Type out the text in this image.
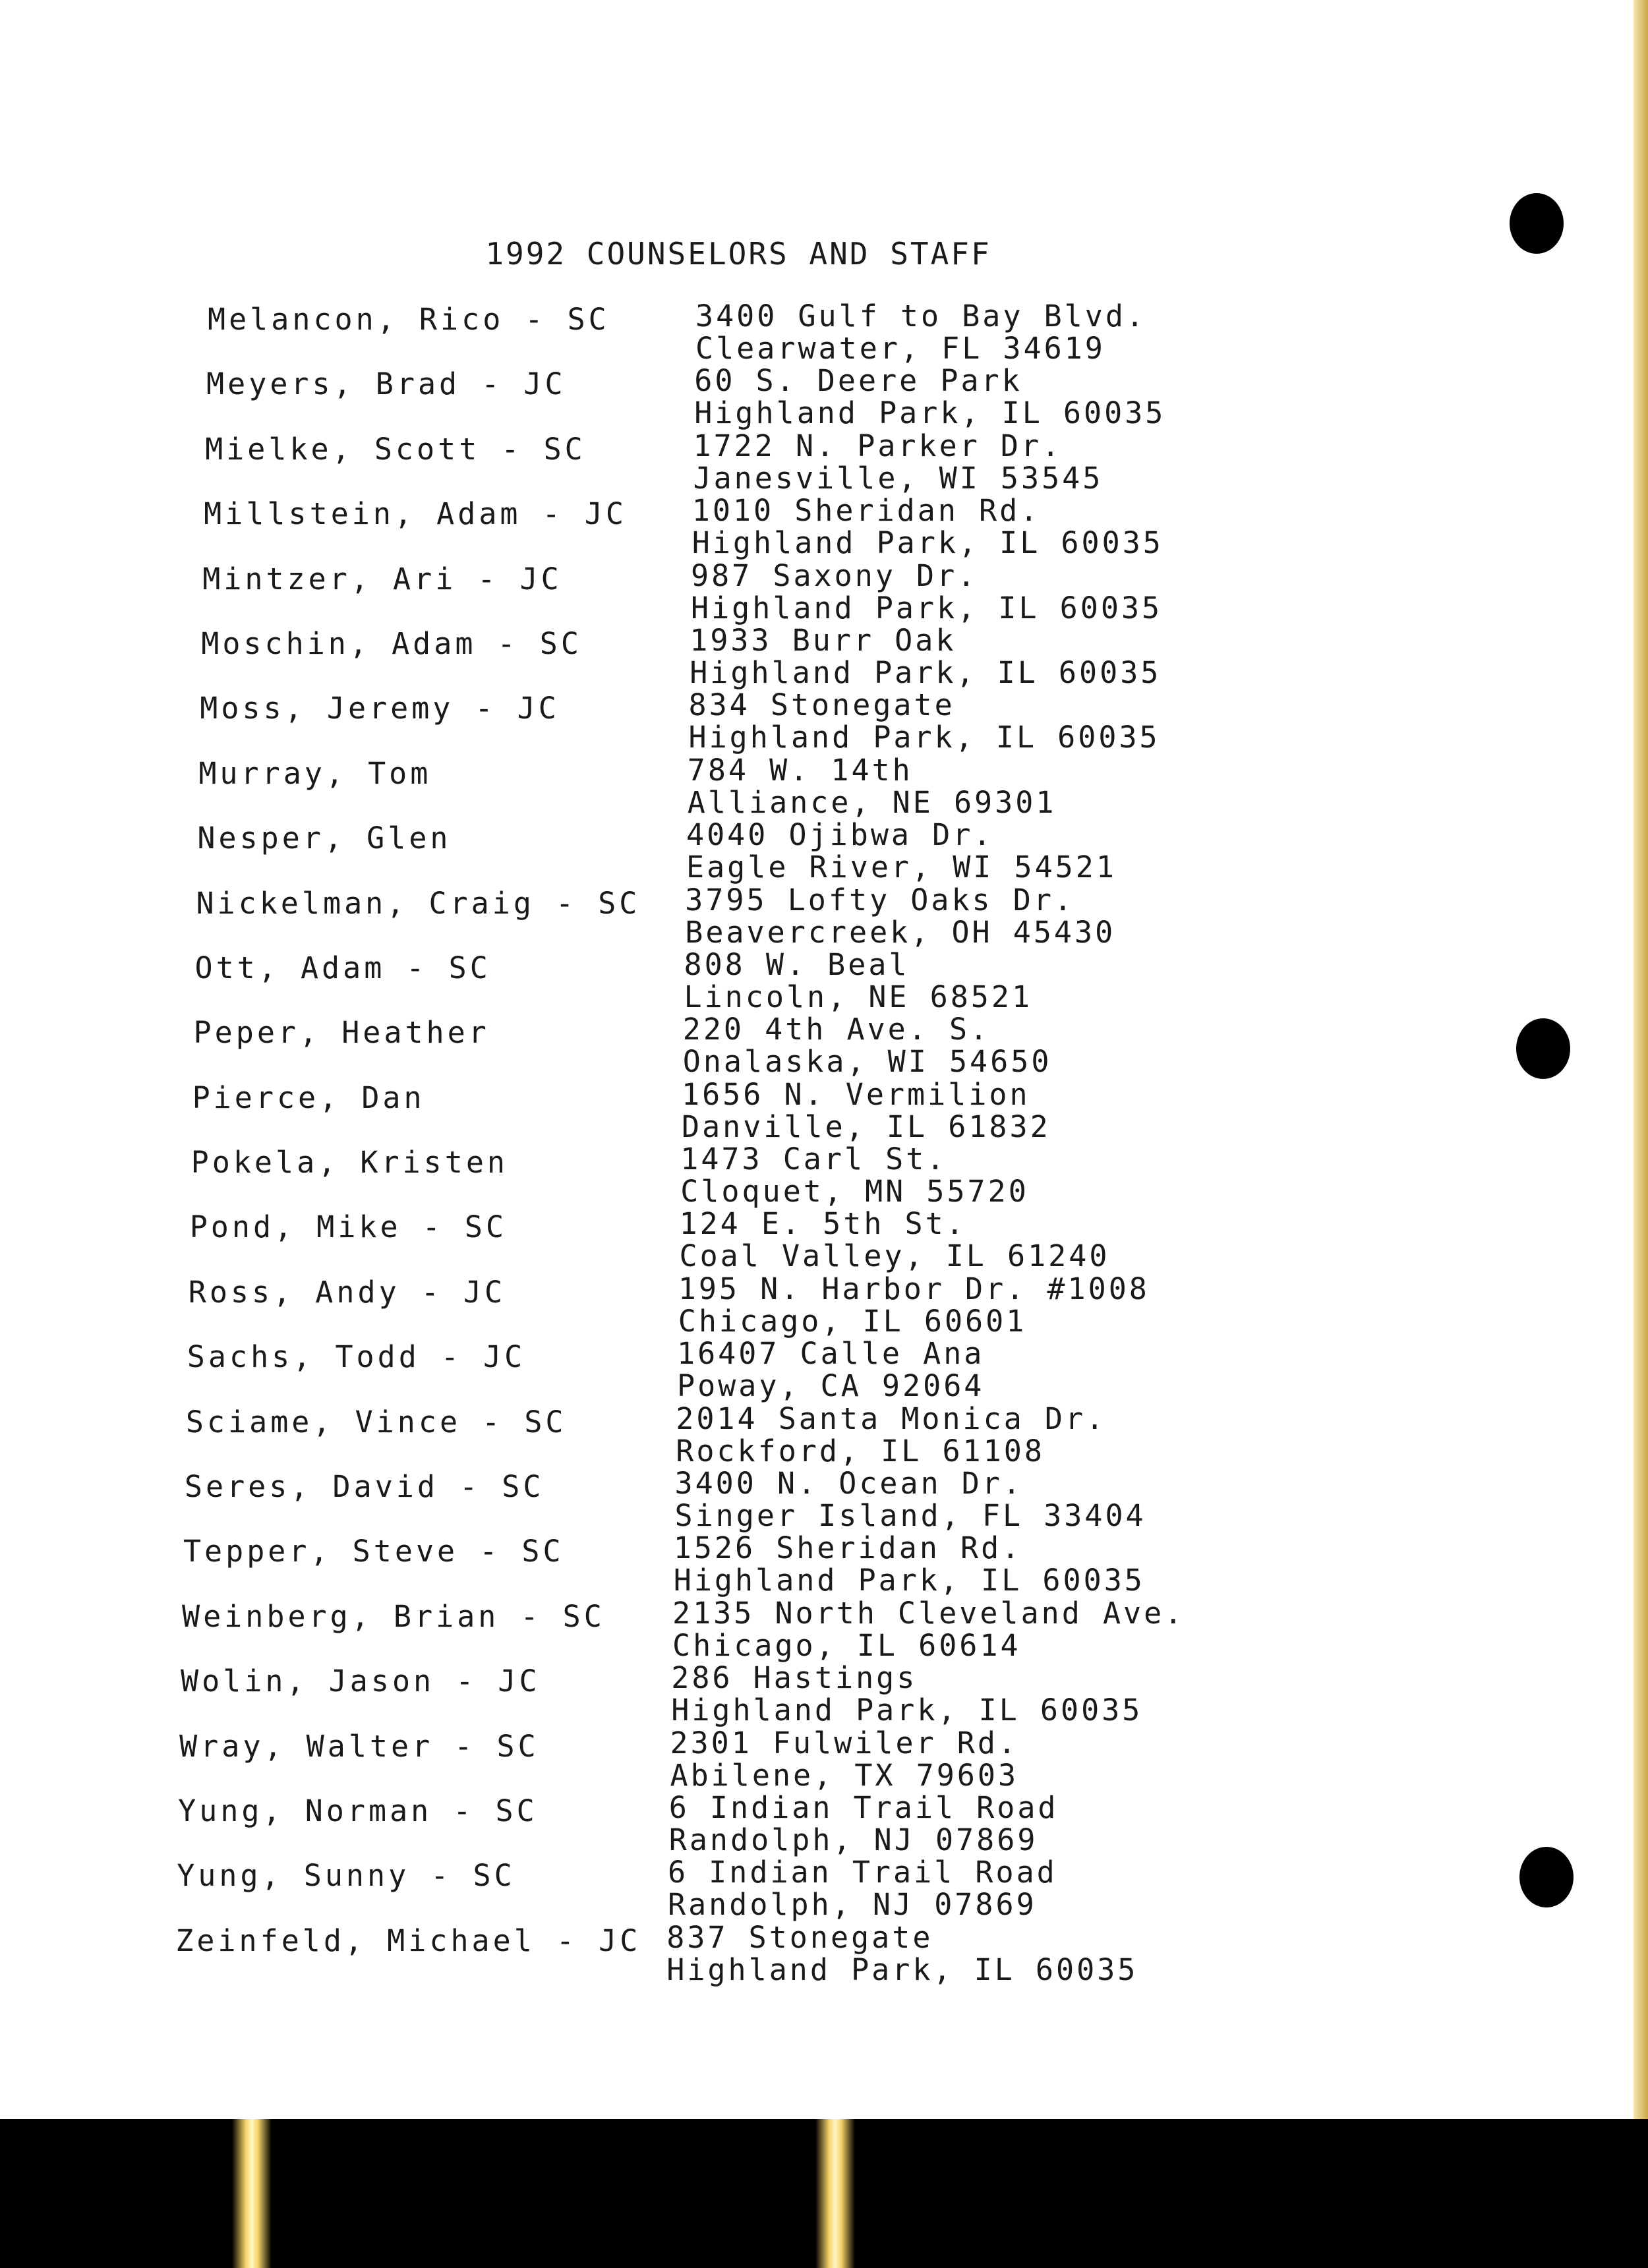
1992 COUNSELORS AND STAFF
Melancon, Rico - SC	3400 Gulf to Bay Blvd.
Clearwater, FL 34619
Meyers, Brad - JC	60 S. Deere Park
Highland Park, IL 60035
Mielke, Scott - SC	1722 N. Parker Dr.
Janesville, WI 53545
Millstein, Adam - JC 1010 Sheridan Rd.
Highland Park, IL 60035
Mintzer, Ari - JC	987 Saxony Dr.
Highland Park, IL 60035
Moschin, Adam - SC	1933 Burr Oak
Highland Park, IL 60035
Moss, Jeremy - JC	834 Stonegate
Highland Park, IL 60035
Murray, Tom	784 W. 14th
Alliance, NE 69301
Nesper, Glen	4040 Ojibwa Dr.
Eagle River, WI 54521
Nickelman, Craig - SC 3795 Lofty Oaks Dr.
Beavercreek, OH 45430
Ott, Adam - SC	808 W. Beal
Lincoln, NE 68521
Peper, Heather	220 4th Ave. S.
Onalaska, WI 54650
Pierce, Dan	1656 N. Vermilion
Danville, IL 61832
Pokela, Kristen	1473 Carl St.
Cloquet, MN 55720
Pond, Mike - SC	124 E. 5th St.
Coal Valley, IL 61240
Ross, Andy - JC	195 N. Harbor Dr. #1008
Chicago, IL 60601
Sachs, Todd - JC	16407 Calle Ana
Poway, CA 92064
Sciame, Vince - SC	2014 Santa Monica Dr.
Rockford, IL 61108
Seres, David - SC	3400 N. Ocean Dr.
Singer Island, FL 33404
Tepper, Steve - SC	1526 Sheridan Rd.
Highland Park, IL 60035
Weinberg, Brian - SC 2135 North Cleveland Ave.
Chicago, IL 60614
Wolin, Jason - JC	286 Hastings
Highland Park, IL 60035
Wray, Walter - SC	2301 Fulwiler Rd.
Abilene, TX 79603
Yung, Norman - SC	6 Indian Trail Road
Randolph, NJ 07869
Yung, Sunny - SC	6 Indian Trail Road
Randolph, NJ 07869
Zeinfeld, Michael - JC 837 Stonegate
Highland Park, IL 60035
